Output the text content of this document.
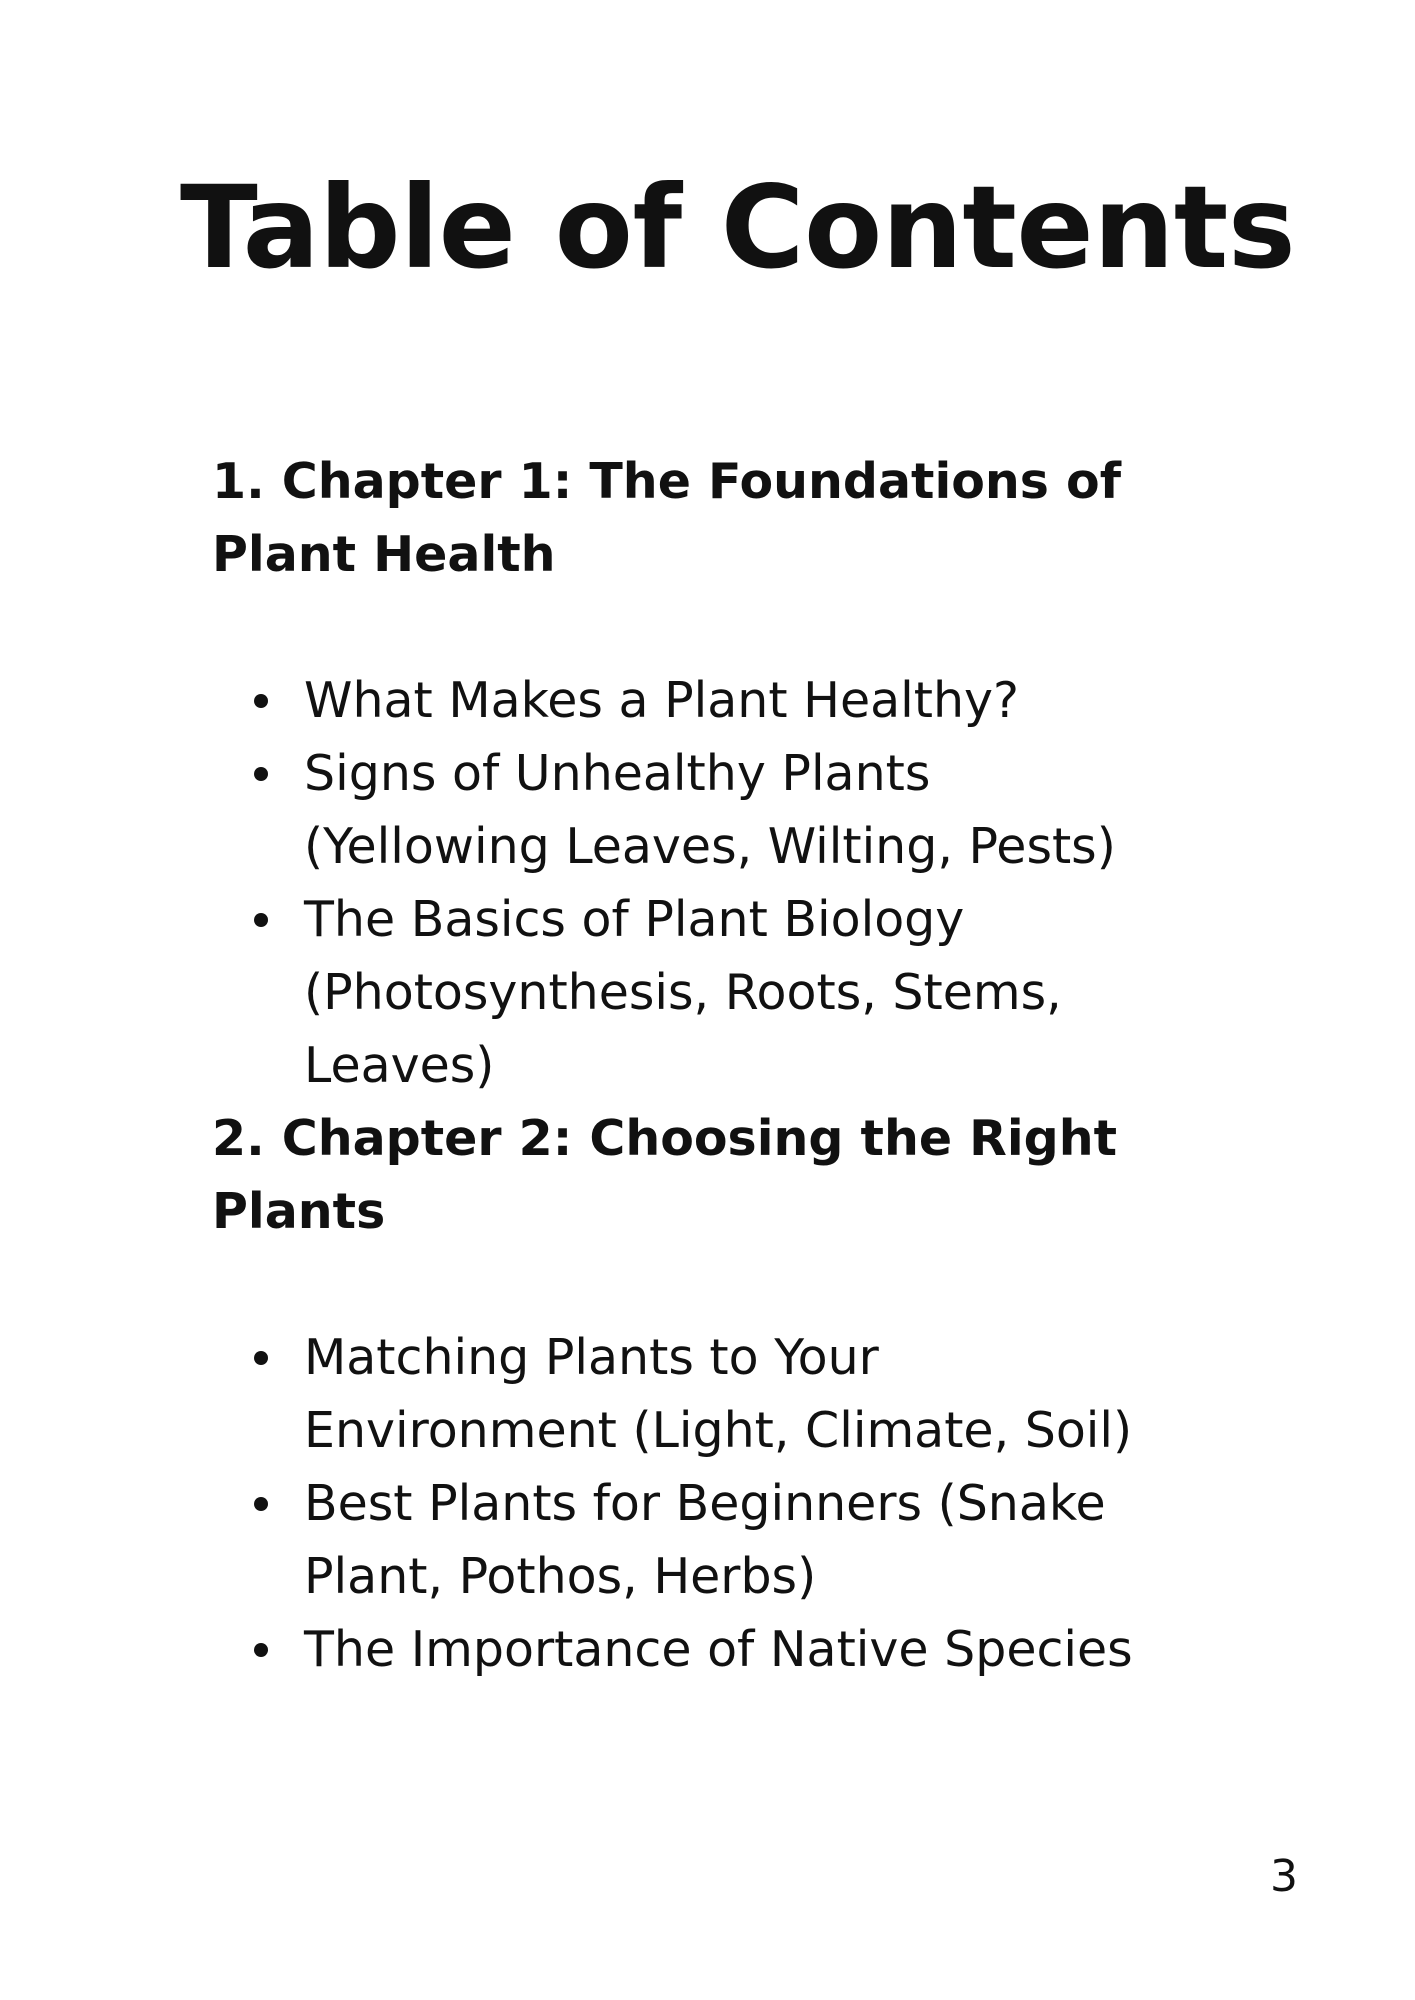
Table of Contents
1. Chapter 1: The Foundations of Plant Health
What Makes a Plant Healthy?
Signs of Unhealthy Plants (Yellowing Leaves, Wilting, Pests)
The Basics of Plant Biology (Photosynthesis, Roots, Stems, Leaves)
2. Chapter 2: Choosing the Right Plants
Matching Plants to Your Environment (Light, Climate, Soil)
Best Plants for Beginners (Snake Plant, Pothos, Herbs)
The Importance of Native Species
3
